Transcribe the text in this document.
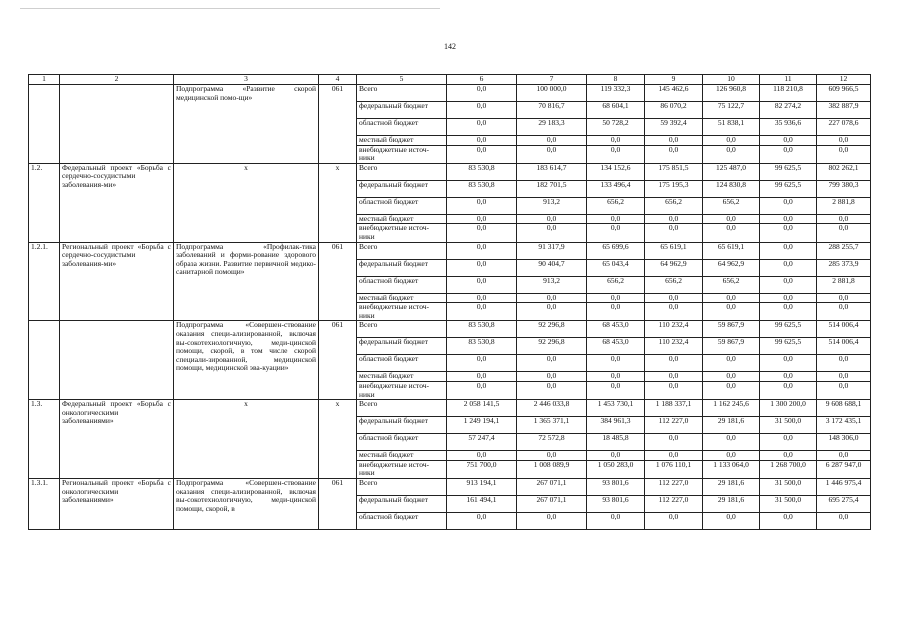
142
1	2	3	4	5	6	7	8	9	10	11	12
		Подпрограмма «Развитие скорой медицинской помо-щи»	061	Всего	0,0	100 000,0	119 332,3	145 462,6	126 960,8	118 210,8	609 966,5
				федеральный бюджет	0,0	70 816,7	68 604,1	86 070,2	75 122,7	82 274,2	382 887,9
				областной бюджет	0,0	29 183,3	50 728,2	59 392,4	51 838,1	35 936,6	227 078,6
				местный бюджет	0,0	0,0	0,0	0,0	0,0	0,0	0,0
				внебюджетные источ-ники	0,0	0,0	0,0	0,0	0,0	0,0	0,0
1.2.	Федеральный проект «Борьба с сердечно-сосудистыми заболевания-ми»	х	х	Всего	83 530,8	183 614,7	134 152,6	175 851,5	125 487,0	99 625,5	802 262,1
				федеральный бюджет	83 530,8	182 701,5	133 496,4	175 195,3	124 830,8	99 625,5	799 380,3
				областной бюджет	0,0	913,2	656,2	656,2	656,2	0,0	2 881,8
				местный бюджет	0,0	0,0	0,0	0,0	0,0	0,0	0,0
				внебюджетные источ-ники	0,0	0,0	0,0	0,0	0,0	0,0	0,0
1.2.1.	Региональный проект «Борьба с сердечно-сосудистыми заболевания-ми»	Подпрограмма «Профилак-тика заболеваний и форми-рование здорового образа жизни. Развитие первичной медико-санитарной помощи»	061	Всего	0,0	91 317,9	65 699,6	65 619,1	65 619,1	0,0	288 255,7
				федеральный бюджет	0,0	90 404,7	65 043,4	64 962,9	64 962,9	0,0	285 373,9
				областной бюджет	0,0	913,2	656,2	656,2	656,2	0,0	2 881,8
				местный бюджет	0,0	0,0	0,0	0,0	0,0	0,0	0,0
				внебюджетные источ-ники	0,0	0,0	0,0	0,0	0,0	0,0	0,0
		Подпрограмма «Совершен-ствование оказания специ-ализированной, включая вы-сокотехнологичную, меди-цинской помощи, скорой, в том числе скорой специали-зированной, медицинской помощи, медицинской эва-куации»	061	Всего	83 530,8	92 296,8	68 453,0	110 232,4	59 867,9	99 625,5	514 006,4
				федеральный бюджет	83 530,8	92 296,8	68 453,0	110 232,4	59 867,9	99 625,5	514 006,4
				областной бюджет	0,0	0,0	0,0	0,0	0,0	0,0	0,0
				местный бюджет	0,0	0,0	0,0	0,0	0,0	0,0	0,0
				внебюджетные источ-ники	0,0	0,0	0,0	0,0	0,0	0,0	0,0
1.3.	Федеральный проект «Борьба с онкологическими заболеваниями»	х	х	Всего	2 058 141,5	2 446 033,8	1 453 730,1	1 188 337,1	1 162 245,6	1 300 200,0	9 608 688,1
				федеральный бюджет	1 249 194,1	1 365 371,1	384 961,3	112 227,0	29 181,6	31 500,0	3 172 435,1
				областной бюджет	57 247,4	72 572,8	18 485,8	0,0	0,0	0,0	148 306,0
				местный бюджет	0,0	0,0	0,0	0,0	0,0	0,0	0,0
				внебюджетные источ-ники	751 700,0	1 008 089,9	1 050 283,0	1 076 110,1	1 133 064,0	1 268 700,0	6 287 947,0
1.3.1.	Региональный проект «Борьба с онкологическими заболеваниями»	Подпрограмма «Совершен-ствование оказания специ-ализированной, включая вы-сокотехнологичную, меди-цинской помощи, скорой, в	061	Всего	913 194,1	267 071,1	93 801,6	112 227,0	29 181,6	31 500,0	1 446 975,4
				федеральный бюджет	161 494,1	267 071,1	93 801,6	112 227,0	29 181,6	31 500,0	695 275,4
				областной бюджет	0,0	0,0	0,0	0,0	0,0	0,0	0,0
